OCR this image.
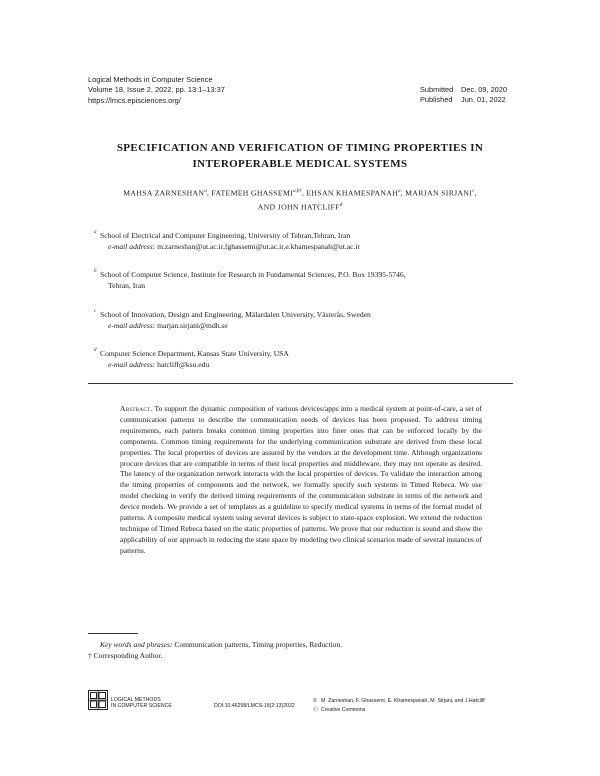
Logical Methods in Computer Science
Volume 18, Issue 2, 2022, pp. 13:1–13:37
https://lmcs.episciences.org/
Submitted	Dec. 09, 2020
Published	Jun. 01, 2022
SPECIFICATION AND VERIFICATION OF TIMING PROPERTIES IN
INTEROPERABLE MEDICAL SYSTEMS
MAHSA ZARNESHAN$^a$, FATEMEH $GHASSEMI^{a,b\dagger}$, EHSAN KHAMESPANAH$^a$, MARJAN SIRJANI$^c$,
AND JOHN HATCLIFF$^d$
a School of Electrical and Computer Engineering, University of Tehran,Tehran, Iran
e-mail address: m.zarneshan@ut.ac.ir,fghassemi@ut.ac.ir,e.khamespanah@ut.ac.ir
b School of Computer Science, Institute for Research in Fundamental Sciences, P.O. Box 19395-5746,
Tehran, Iran
c School of Innovation, Design and Engineering, Mälardalen University, Västerås, Sweden
e-mail address: marjan.sirjani@mdh.se
d Computer Science Department, Kansas State University, USA
e-mail address: hatcliff@ksu.edu
Abstract. To support the dynamic composition of various devices/apps into a medical system at point-of-care, a set of communication patterns to describe the communication needs of devices has been proposed. To address timing requirements, each pattern breaks common timing properties into finer ones that can be enforced locally by the components. Common timing requirements for the underlying communication substrate are derived from these local properties. The local properties of devices are assured by the vendors at the development time. Although organizations procure devices that are compatible in terms of their local properties and middleware, they may not operate as desired. The latency of the organization network interacts with the local properties of devices. To validate the interaction among the timing properties of components and the network, we formally specify such systems in Timed Rebeca. We use model checking to verify the derived timing requirements of the communication substrate in terms of the network and device models. We provide a set of templates as a guideline to specify medical systems in terms of the formal model of patterns. A composite medical system using several devices is subject to state-space explosion. We extend the reduction technique of Timed Rebeca based on the static properties of patterns. We prove that our reduction is sound and show the applicability of our approach in reducing the state space by modeling two clinical scenarios made of several instances of patterns.
Key words and phrases: Communication patterns, Timing properties, Reduction.
† Corresponding Author.
LOGICAL METHODS
IN COMPUTER SCIENCE	DOI:10.46298/LMCS-18(2:13)2022
© M. Zarneshan, F. Ghassemi, E. Khamespanah, M. Sirjani, and J.Hatcliff
Ⓒ Creative Commons
